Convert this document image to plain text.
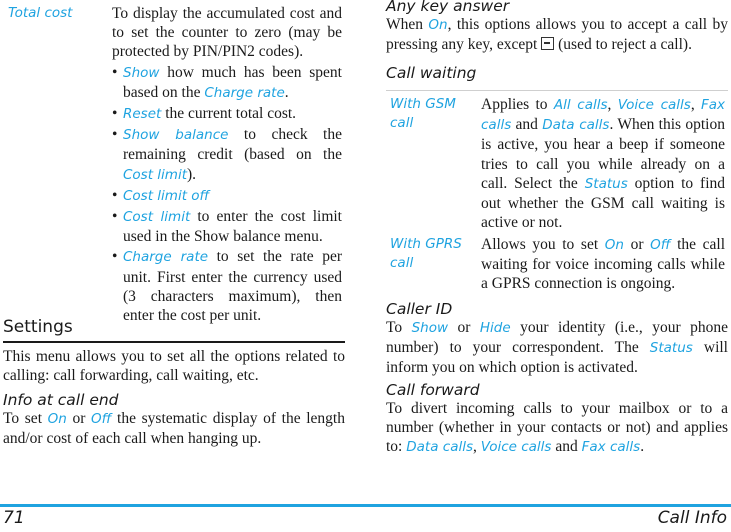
Total cost	To display the accumulated cost and to set the counter to zero (may be protected by PIN/PIN2 codes).
• Show how much has been spent based on the Charge rate.
• Reset the current total cost.
• Show balance to check the remaining credit (based on the Cost limit).
• Cost limit off
• Cost limit to enter the cost limit used in the Show balance menu.
• Charge rate to set the rate per unit. First enter the currency used (3 characters maximum), then enter the cost per unit.
Settings
This menu allows you to set all the options related to calling: call forwarding, call waiting, etc.
Info at call end
To set On or Off the systematic display of the length and/or cost of each call when hanging up.
Any key answer
When On, this options allows you to accept a call by pressing any key, except  (used to reject a call).
Call waiting
With GSM call
Applies to All calls, Voice calls, Fax calls and Data calls. When this option is active, you hear a beep if someone tries to call you while already on a call. Select the Status option to find out whether the GSM call waiting is active or not.
With GPRS call
Allows you to set On or Off the call waiting for voice incoming calls while a GPRS connection is ongoing.
Caller ID
To Show or Hide your identity (i.e., your phone number) to your correspondent. The Status will inform you on which option is activated.
Call forward
To divert incoming calls to your mailbox or to a number (whether in your contacts or not) and applies to: Data calls, Voice calls and Fax calls.
71	Call Info
